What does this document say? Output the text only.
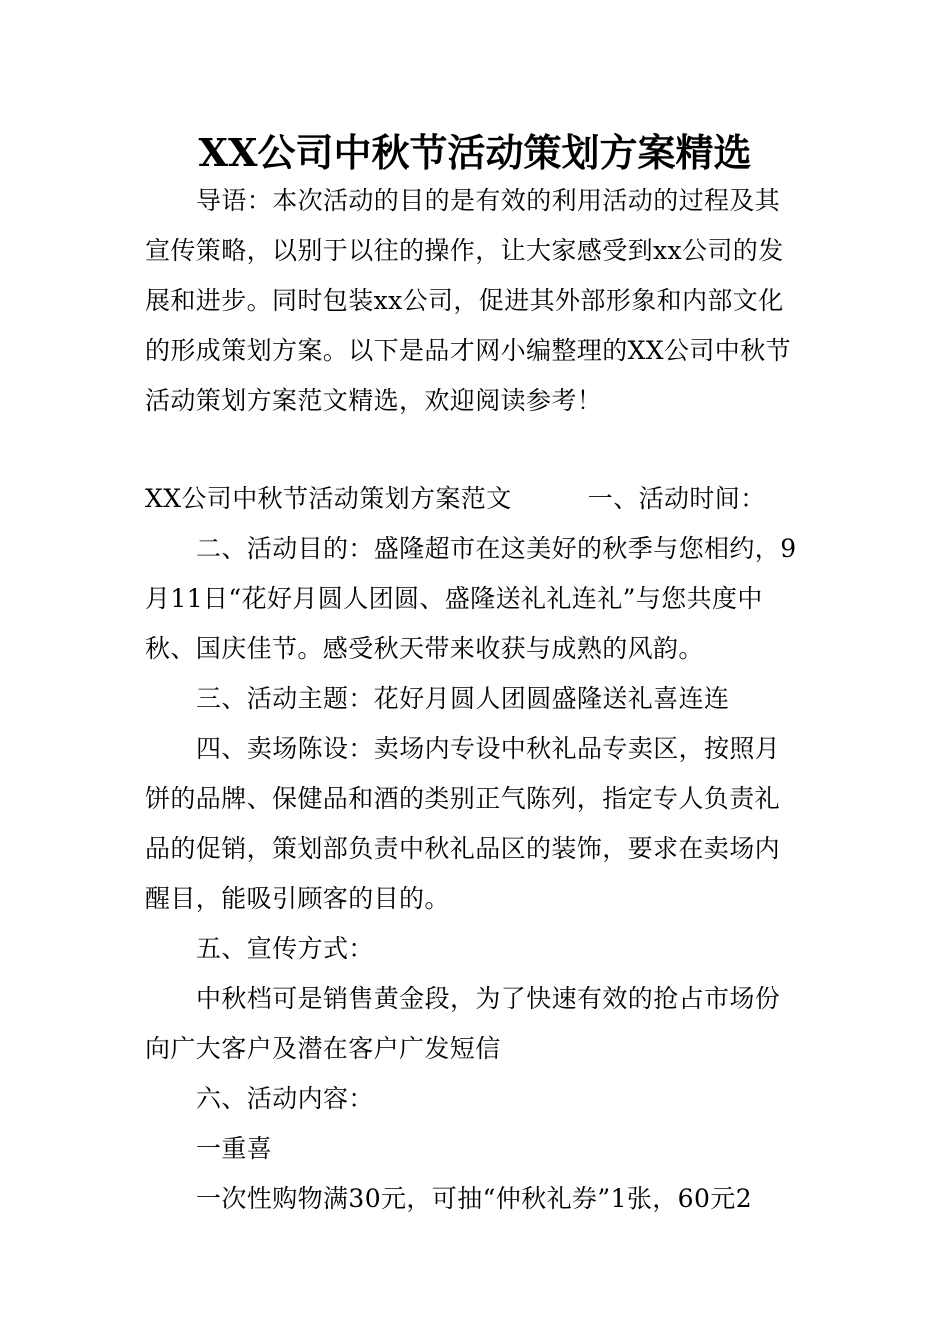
XX公司中秋节活动策划方案精选
导语：本次活动的目的是有效的利用活动的过程及其
宣传策略，以别于以往的操作，让大家感受到xx公司的发
展和进步。同时包装xx公司，促进其外部形象和内部文化
的形成策划方案。以下是品才网小编整理的XX公司中秋节
活动策划方案范文精选，欢迎阅读参考！
XX公司中秋节活动策划方案范文　　　一、活动时间：
二、活动目的：盛隆超市在这美好的秋季与您相约，9
月11日“花好月圆人团圆、盛隆送礼礼连礼”与您共度中
秋、国庆佳节。感受秋天带来收获与成熟的风韵。
三、活动主题：花好月圆人团圆盛隆送礼喜连连
四、卖场陈设：卖场内专设中秋礼品专卖区，按照月
饼的品牌、保健品和酒的类别正气陈列，指定专人负责礼
品的促销，策划部负责中秋礼品区的装饰，要求在卖场内
醒目，能吸引顾客的目的。
五、宣传方式：
中秋档可是销售黄金段，为了快速有效的抢占市场份
向广大客户及潜在客户广发短信
六、活动内容：
一重喜
一次性购物满30元，可抽“仲秋礼券”1张，60元2
